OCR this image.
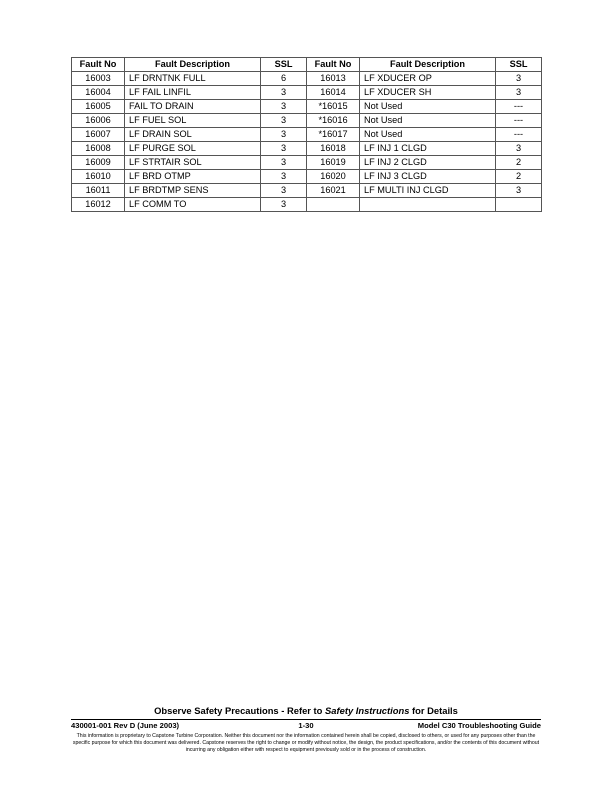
Fault No	Fault Description	SSL	Fault No	Fault Description	SSL
16003	LF DRNTNK FULL	6	16013	LF XDUCER OP	3
16004	LF FAIL LINFIL	3	16014	LF XDUCER SH	3
16005	FAIL TO DRAIN	3	*16015	Not Used	---
16006	LF FUEL SOL	3	*16016	Not Used	---
16007	LF DRAIN SOL	3	*16017	Not Used	---
16008	LF PURGE SOL	3	16018	LF INJ 1 CLGD	3
16009	LF STRTAIR SOL	3	16019	LF INJ 2 CLGD	2
16010	LF BRD OTMP	3	16020	LF INJ 3 CLGD	2
16011	LF BRDTMP SENS	3	16021	LF MULTI INJ CLGD	3
16012	LF COMM TO	3			
Observe Safety Precautions - Refer to Safety Instructions for Details
430001-001 Rev D (June 2003)	1-30	Model C30 Troubleshooting Guide
This information is proprietary to Capstone Turbine Corporation. Neither this document nor the information contained herein shall be copied, disclosed to others, or used for any purposes other than the specific purpose for which this document was delivered. Capstone reserves the right to change or modify without notice, the design, the product specifications, and/or the contents of this document without incurring any obligation either with respect to equipment previously sold or in the process of construction.
